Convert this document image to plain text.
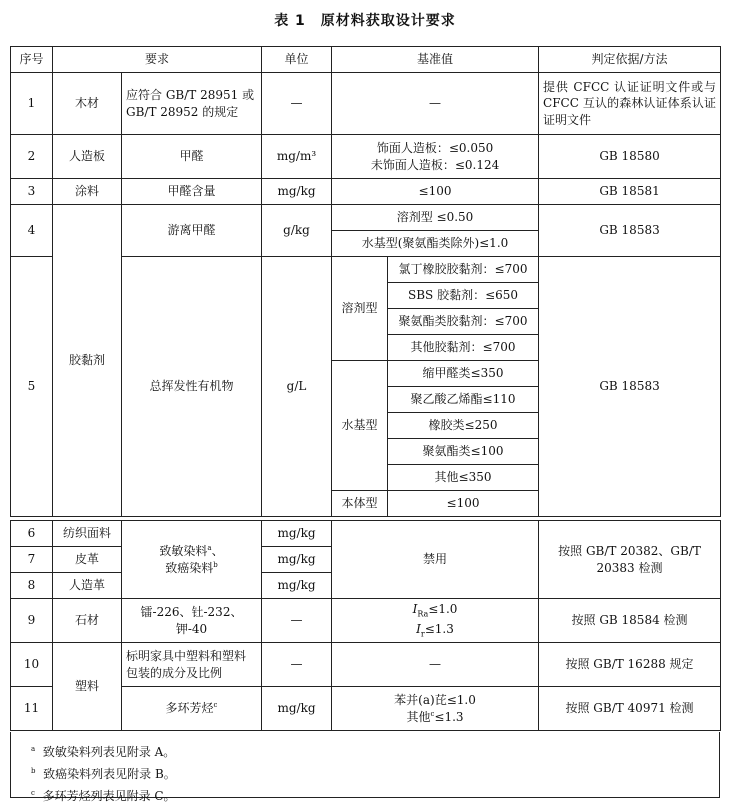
表 1　原材料获取设计要求
序号	要求		单位	基准值		判定依据/方法
1	木材	应符合 GB/T 28951 或 GB/T 28952 的规定	—	—		提供 CFCC 认证证明文件或与 CFCC 互认的森林认证体系认证证明文件
2	人造板	甲醛	mg/m³	饰面人造板：≤0.050
未饰面人造板：≤0.124		GB 18580
3	涂料	甲醛含量	mg/kg	≤100		GB 18581
4	胶黏剂	游离甲醛	g/kg	溶剂型 ≤0.50		GB 18583
				水基型(聚氨酯类除外)≤1.0		
5		总挥发性有机物	g/L	溶剂型	氯丁橡胶胶黏剂：≤700	GB 18583
					SBS 胶黏剂：≤650	
					聚氨酯类胶黏剂：≤700	
					其他胶黏剂：≤700	
				水基型	缩甲醛类≤350	
					聚乙酸乙烯酯≤110	
					橡胶类≤250	
					聚氨酯类≤100	
					其他≤350	
				本体型	≤100	
6	纺织面料	致敏染料$^a$、
致癌染料$^b$	mg/kg	禁用	按照 GB/T 20382、GB/T 20383 检测
7	皮革		mg/kg		
8	人造革		mg/kg		
9	石材	镭-226、钍-232、钾-40	—	$I_{Ra}\le 1.0$
$I_r\le 1.3$	按照 GB 18584 检测
10	塑料	标明家具中塑料和塑料包装的成分及比例	—	—	按照 GB/T 16288 规定
11		多环芳烃$^c$	mg/kg	苯并(a)芘≤1.0
其他$^c$≤1.3	按照 GB/T 40971 检测
$^a$ 致敏染料列表见附录 A。
$^b$ 致癌染料列表见附录 B。
$^c$ 多环芳烃列表见附录 C。
